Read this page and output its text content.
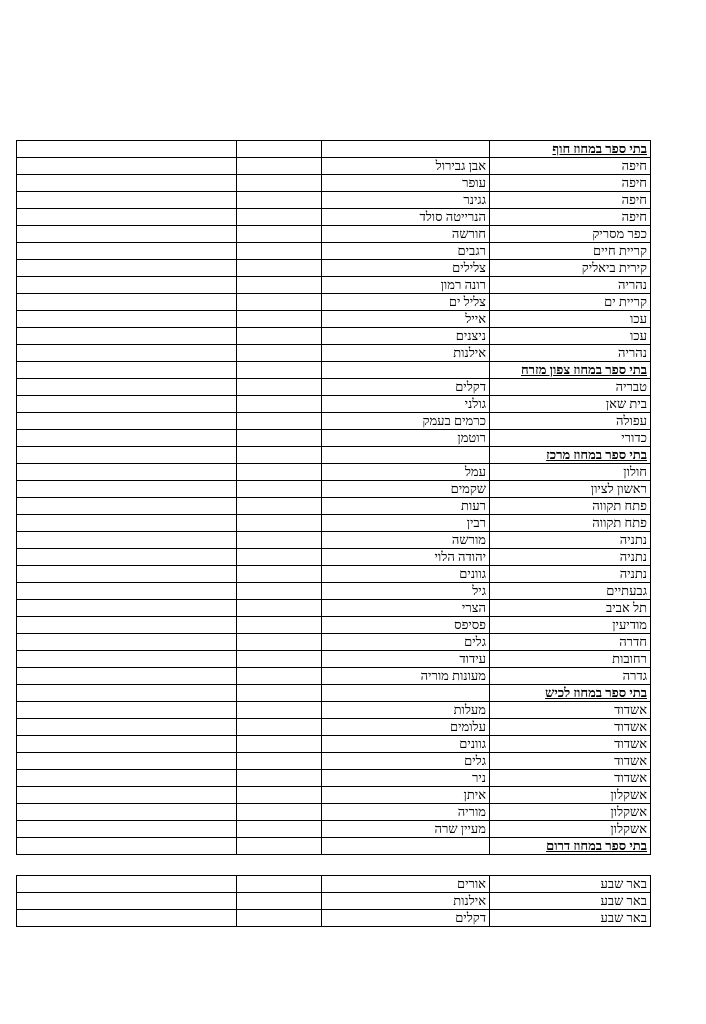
בתי ספר במחוז חוף			
חיפה	אבן גבירול		
חיפה	עופר		
חיפה	גגינר		
חיפה	הנרייטה סולד		
כפר מסריק	חורשה		
קריית חיים	רגבים		
קירית ביאליק	צלילים		
נהריה	רונה רמון		
קריית ים	צליל ים		
עכו	אייל		
עכו	ניצנים		
נהריה	אילנות		
בתי ספר במחוז צפון מזרח			
טבריה	דקלים		
בית שאן	גולני		
עפולה	כרמים בעמק		
כדורי	רוטמן		
בתי ספר במחוז מרכז			
חולון	עמל		
ראשון לציון	שקמים		
פתח תקווה	רעות		
פתח תקווה	רבין		
נתניה	מורשה		
נתניה	יהודה הלוי		
נתניה	גוונים		
גבעתיים	גיל		
תל אביב	הצרי		
מודיעין	פסיפס		
חדרה	גלים		
רחובות	עידוד		
גדרה	מעונות מוריה		
בתי ספר במחוז לכיש			
אשדוד	מעלות		
אשדוד	עלומים		
אשדוד	גוונים		
אשדוד	גלים		
אשדוד	ניר		
אשקלון	איתן		
אשקלון	מוריה		
אשקלון	מעיין שרה		
בתי ספר במחוז דרום			
באר שבע	אורים		
באר שבע	אילנות		
באר שבע	דקלים		
